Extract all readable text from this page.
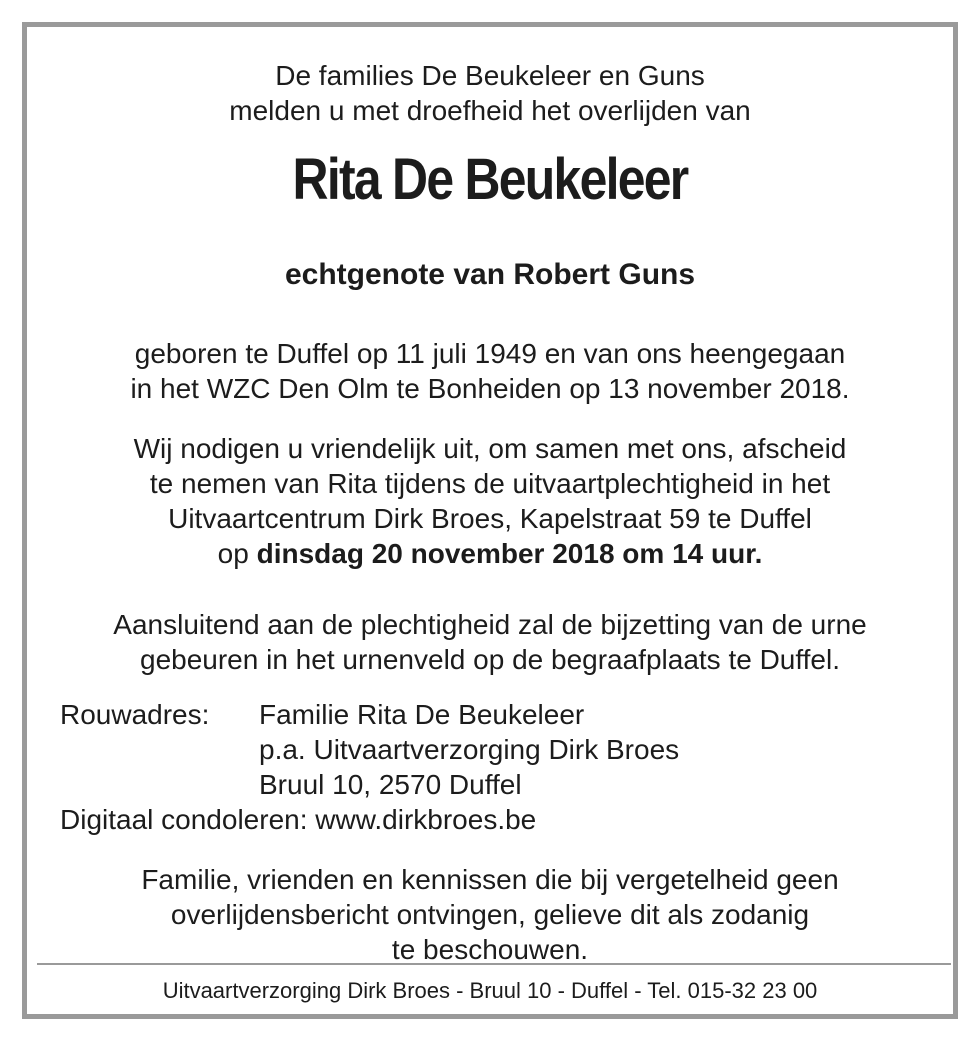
De families De Beukeleer en Guns
melden u met droefheid het overlijden van
Rita De Beukeleer
echtgenote van Robert Guns
geboren te Duffel op 11 juli 1949 en van ons heengegaan
in het WZC Den Olm te Bonheiden op 13 november 2018.
Wij nodigen u vriendelijk uit, om samen met ons, afscheid
te nemen van Rita tijdens de uitvaartplechtigheid in het
Uitvaartcentrum Dirk Broes, Kapelstraat 59 te Duffel
op dinsdag 20 november 2018 om 14 uur.
Aansluitend aan de plechtigheid zal de bijzetting van de urne
gebeuren in het urnenveld op de begraafplaats te Duffel.
Rouwadres:	Familie Rita De Beukeleer
p.a. Uitvaartverzorging Dirk Broes
Bruul 10, 2570 Duffel
Digitaal condoleren: www.dirkbroes.be
Familie, vrienden en kennissen die bij vergetelheid geen
overlijdensbericht ontvingen, gelieve dit als zodanig
te beschouwen.
Uitvaartverzorging Dirk Broes - Bruul 10 - Duffel - Tel. 015-32 23 00
